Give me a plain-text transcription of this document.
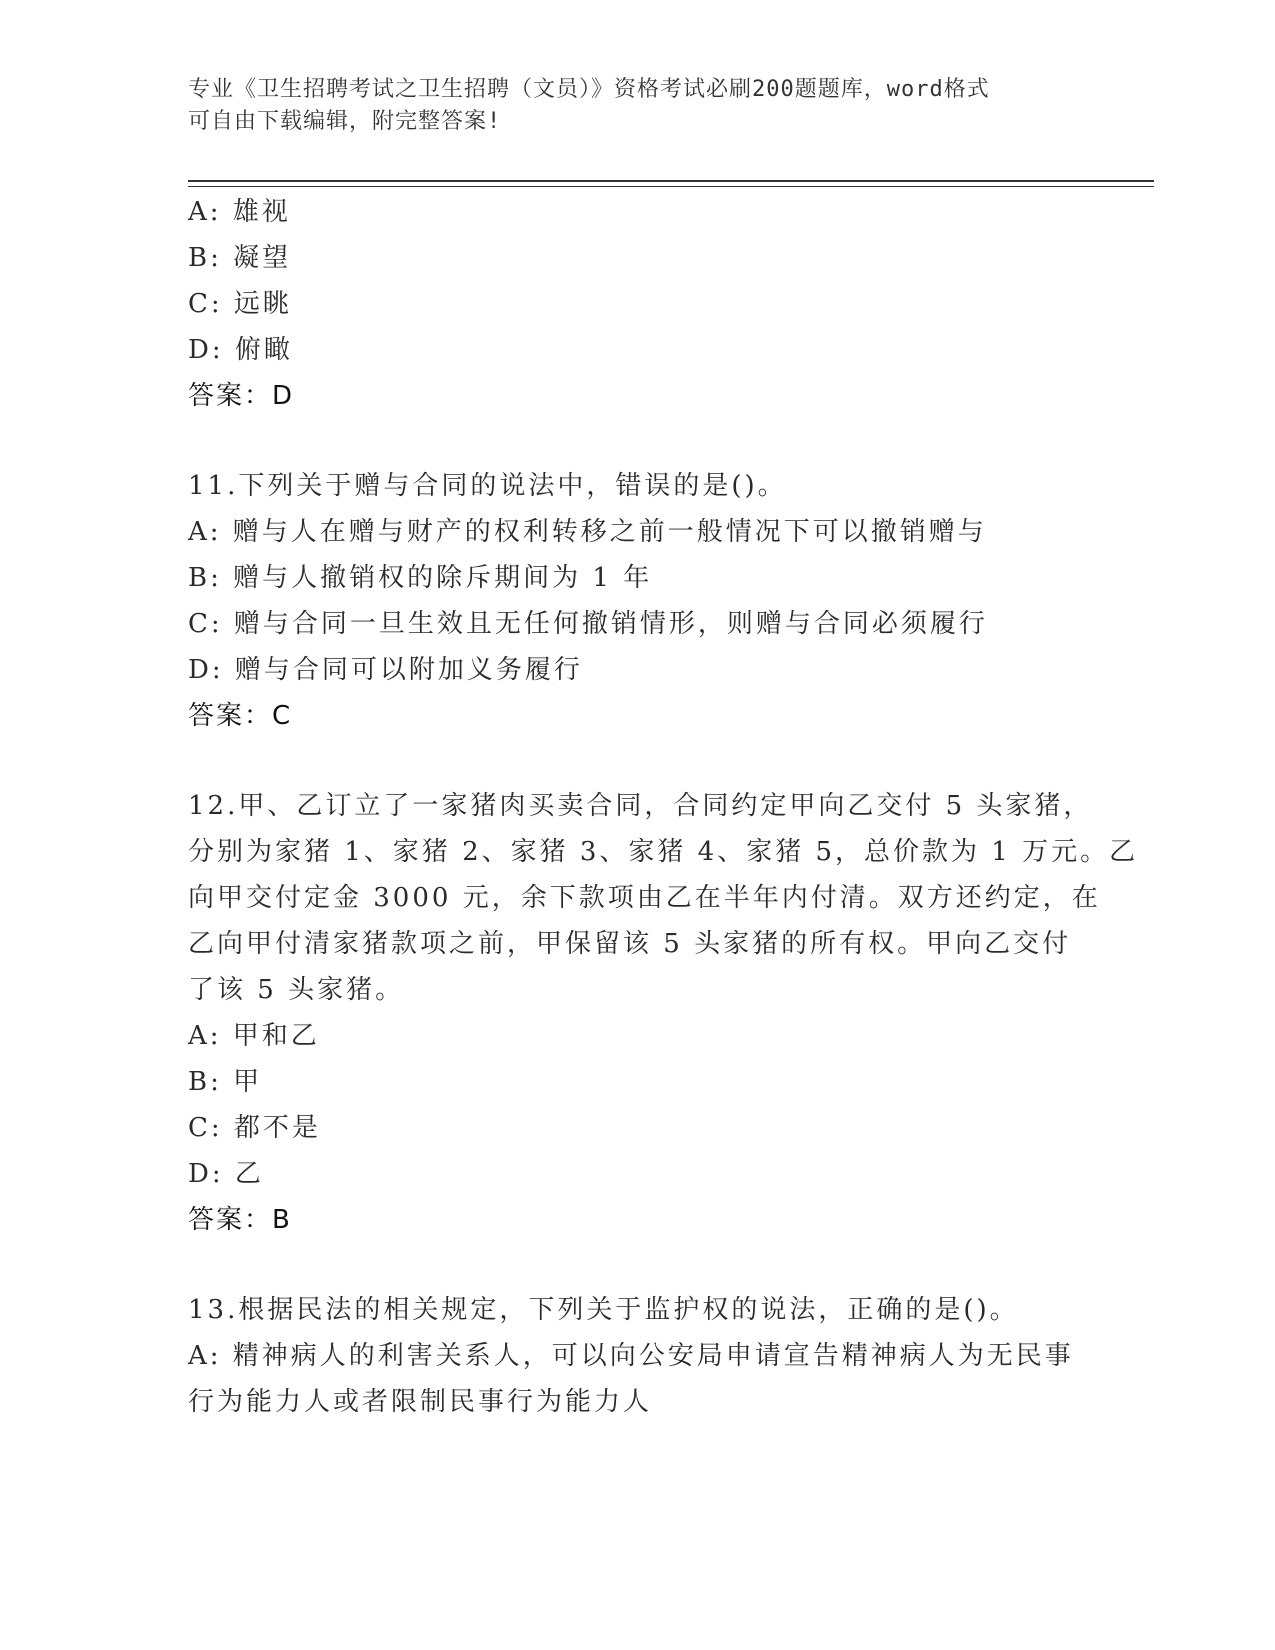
专业《卫生招聘考试之卫生招聘（文员）》资格考试必刷200题题库，word格式
可自由下载编辑，附完整答案!
A: 雄视
B: 凝望
C: 远眺
D: 俯瞰
答案：D
11.下列关于赠与合同的说法中，错误的是()。
A: 赠与人在赠与财产的权利转移之前一般情况下可以撤销赠与
B: 赠与人撤销权的除斥期间为 1 年
C: 赠与合同一旦生效且无任何撤销情形，则赠与合同必须履行
D: 赠与合同可以附加义务履行
答案：C
12.甲、乙订立了一家猪肉买卖合同，合同约定甲向乙交付 5 头家猪，
分别为家猪 1、家猪 2、家猪 3、家猪 4、家猪 5，总价款为 1 万元。乙
向甲交付定金 3000 元，余下款项由乙在半年内付清。双方还约定，在
乙向甲付清家猪款项之前，甲保留该 5 头家猪的所有权。甲向乙交付
了该 5 头家猪。
A: 甲和乙
B: 甲
C: 都不是
D: 乙
答案：B
13.根据民法的相关规定，下列关于监护权的说法，正确的是()。
A: 精神病人的利害关系人，可以向公安局申请宣告精神病人为无民事
行为能力人或者限制民事行为能力人
